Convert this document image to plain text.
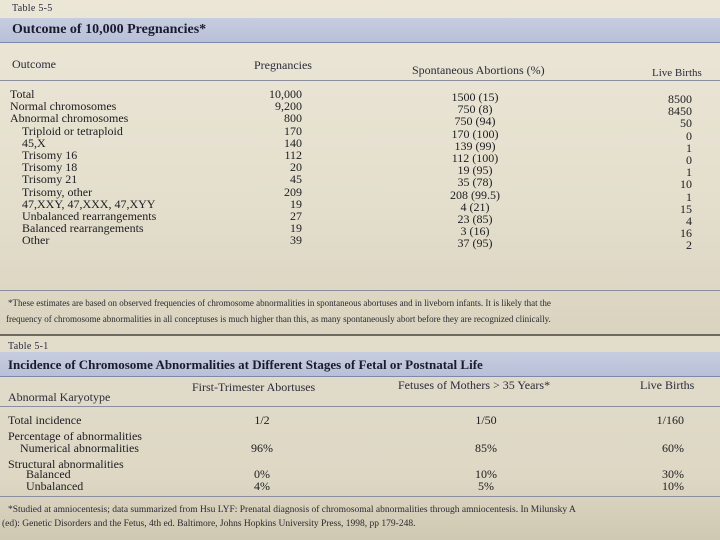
Table 5-5
Outcome of 10,000 Pregnancies*
Outcome	Pregnancies	Spontaneous Abortions (%)	Live Births
Total	10,000	1500 (15)	8500
Normal chromosomes	9,200	750 (8)	8450
Abnormal chromosomes	800	750 (94)	50
Triploid or tetraploid	170	170 (100)	0
45,X	140	139 (99)	1
Trisomy 16	112	112 (100)	0
Trisomy 18	20	19 (95)	1
Trisomy 21	45	35 (78)	10
Trisomy, other	209	208 (99.5)	1
47,XXY, 47,XXX, 47,XYY	19	4 (21)	15
Unbalanced rearrangements	27	23 (85)	4
Balanced rearrangements	19	3 (16)	16
Other	39	37 (95)	2
*These estimates are based on observed frequencies of chromosome abnormalities in spontaneous abortuses and in liveborn infants. It is likely that the
frequency of chromosome abnormalities in all conceptuses is much higher than this, as many spontaneously abort before they are recognized clinically.
Table 5-1
Incidence of Chromosome Abnormalities at Different Stages of Fetal or Postnatal Life
Abnormal Karyotype
First-Trimester Abortuses	Fetuses of Mothers > 35 Years*	Live Births
Total incidence	1/2	1/50	1/160
Percentage of abnormalities
Numerical abnormalities	96%	85%	60%
Structural abnormalities
Balanced	0%	10%	30%
Unbalanced	4%	5%	10%
*Studied at amniocentesis; data summarized from Hsu LYF: Prenatal diagnosis of chromosomal abnormalities through amniocentesis. In Milunsky A
(ed): Genetic Disorders and the Fetus, 4th ed. Baltimore, Johns Hopkins University Press, 1998, pp 179-248.
